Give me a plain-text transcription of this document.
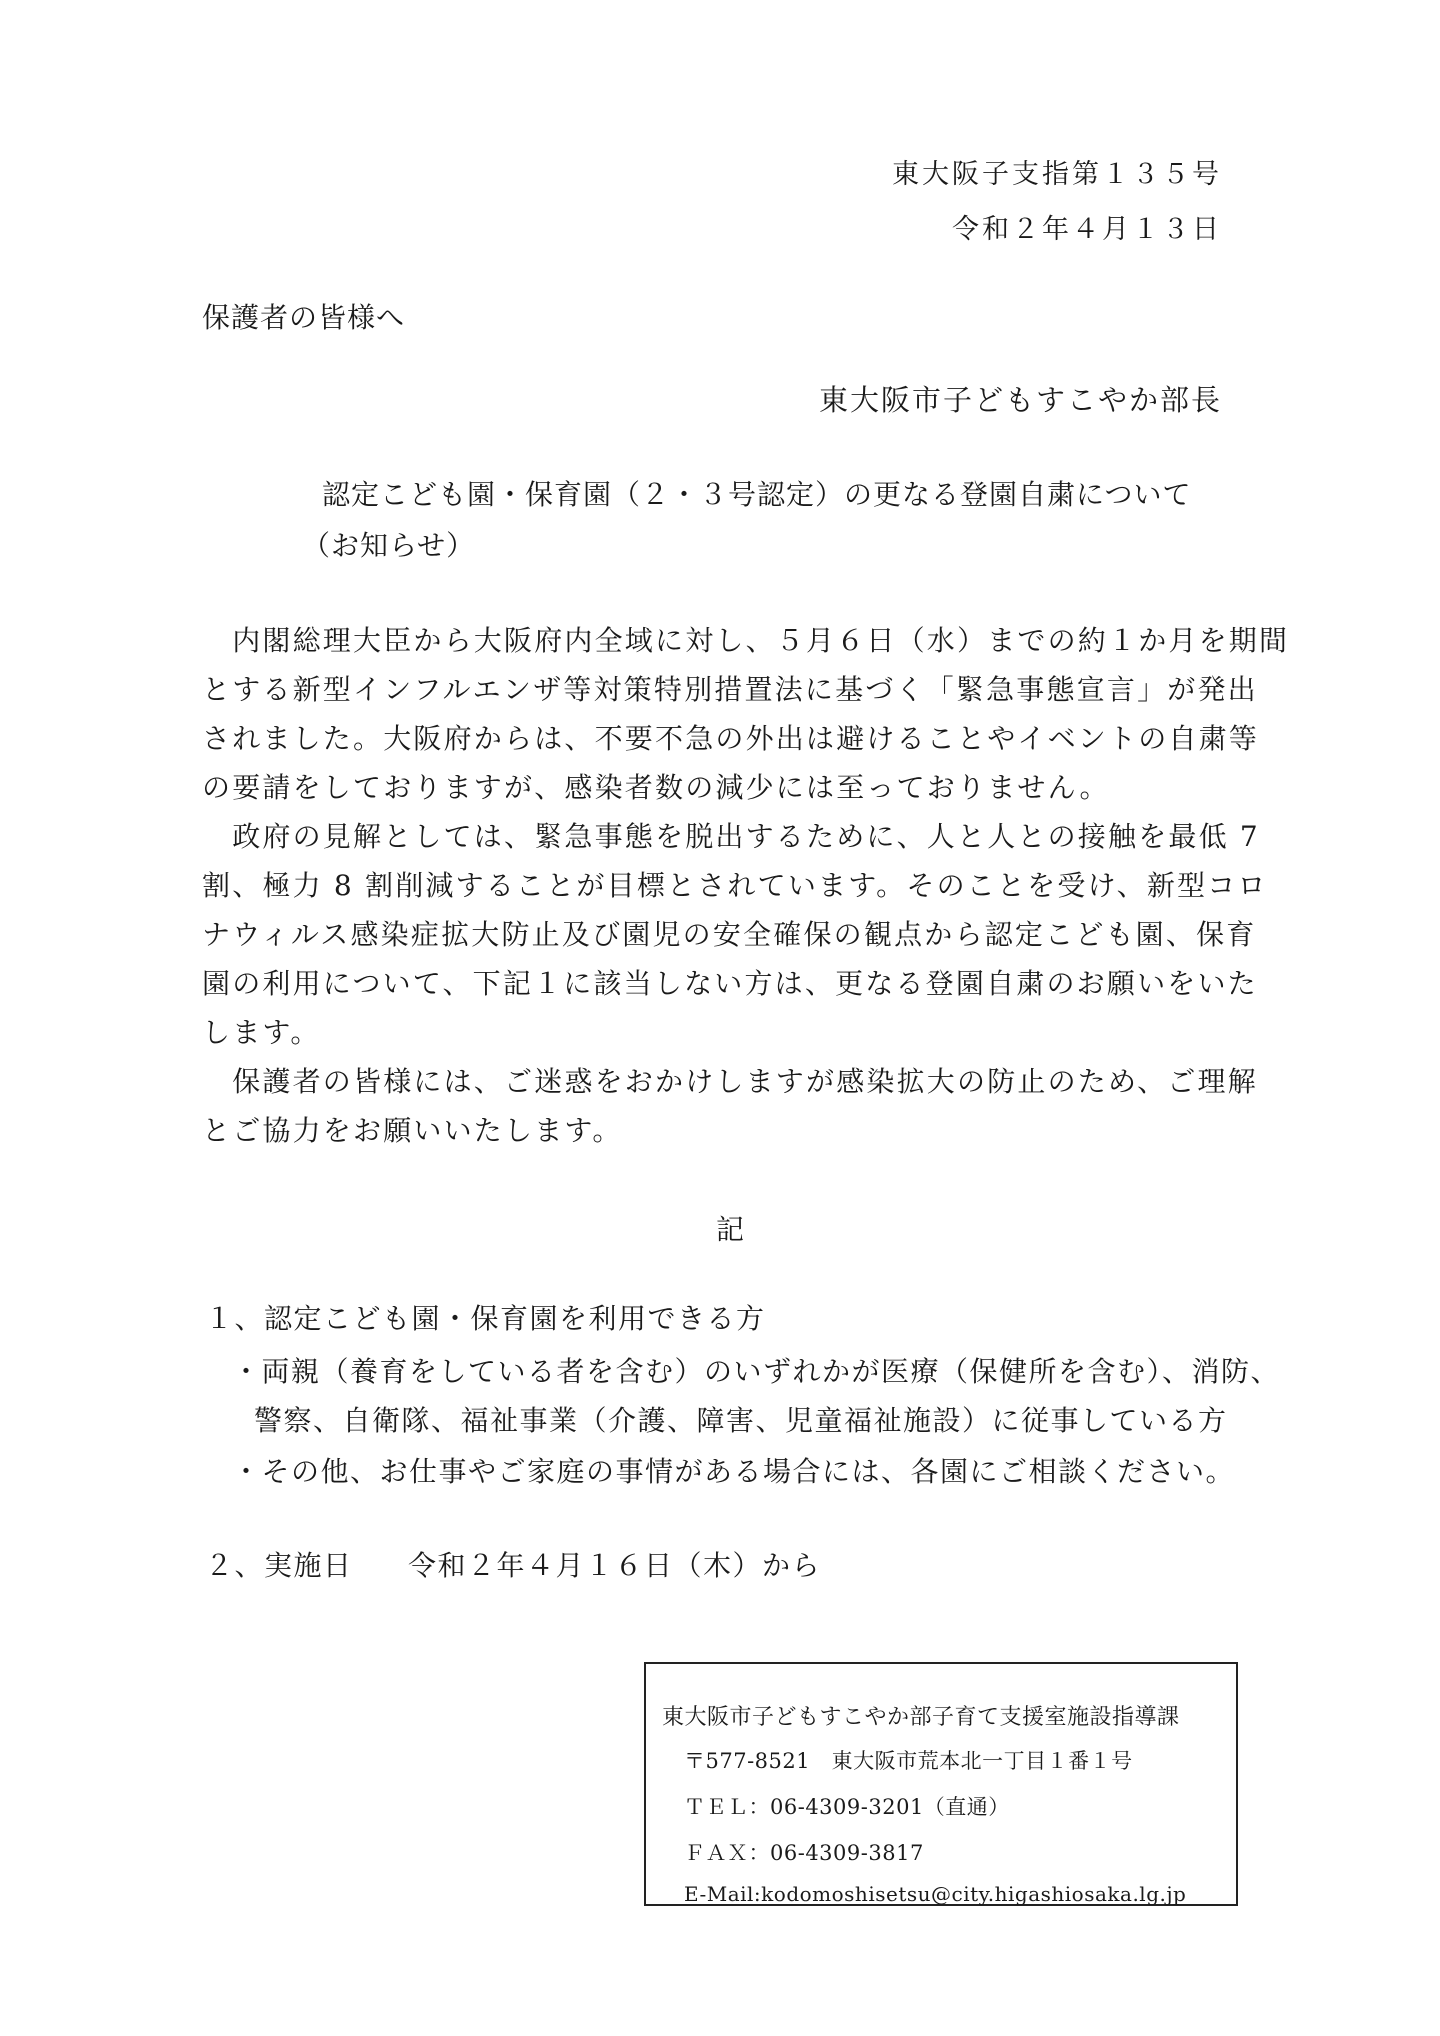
東大阪子支指第１３５号

令和２年４月１３日

保護者の皆様へ

東大阪市子どもすこやか部長

認定こども園・保育園（２・３号認定）の更なる登園自粛について

（お知らせ）

　内閣総理大臣から大阪府内全域に対し、５月６日（水）までの約１か月を期間

とする新型インフルエンザ等対策特別措置法に基づく「緊急事態宣言」が発出

されました。大阪府からは、不要不急の外出は避けることやイベントの自粛等

の要請をしておりますが、感染者数の減少には至っておりません。

　政府の見解としては、緊急事態を脱出するために、人と人との接触を最低 7

割、極力 8 割削減することが目標とされています。そのことを受け、新型コロ

ナウィルス感染症拡大防止及び園児の安全確保の観点から認定こども園、保育

園の利用について、下記１に該当しない方は、更なる登園自粛のお願いをいた

します。

　保護者の皆様には、ご迷惑をおかけしますが感染拡大の防止のため、ご理解

とご協力をお願いいたします。

記

１、認定こども園・保育園を利用できる方

・両親（養育をしている者を含む）のいずれかが医療（保健所を含む）、消防、

警察、自衛隊、福祉事業（介護、障害、児童福祉施設）に従事している方

・その他、お仕事やご家庭の事情がある場合には、各園にご相談ください。

２、実施日 令和２年４月１６日（木）から

東大阪市子どもすこやか部子育て支援室施設指導課

〒577-8521　東大阪市荒本北一丁目１番１号

ＴＥＬ：06-4309-3201（直通）

ＦＡＸ：06-4309-3817

E-Mail:kodomoshisetsu@city.higashiosaka.lg.jp
